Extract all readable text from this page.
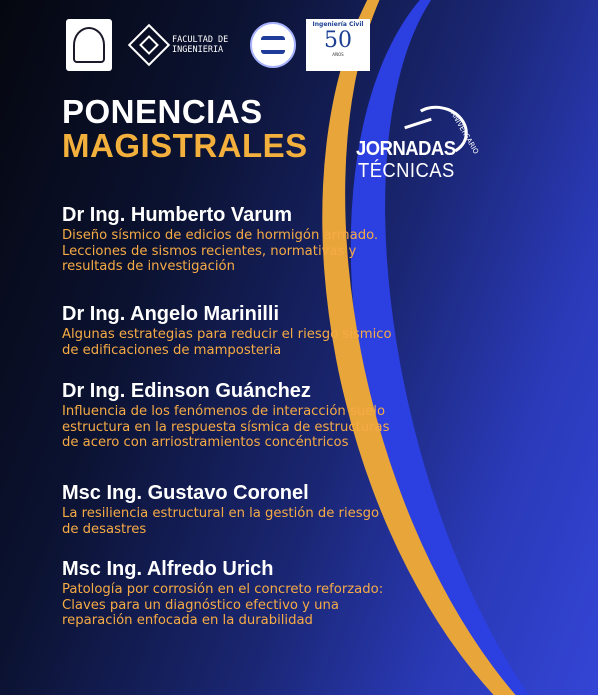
FACULTAD DE INGENIERIA
Ingeniería Civil
50
AÑOS
PONENCIAS
MAGISTRALES	ANIVERSARIO
JORNADAS
TÉCNICAS
Dr Ing. Humberto Varum
Diseño sísmico de edicios de hormigón armado.
Lecciones de sismos recientes, normativas y
resultads de investigación
Dr Ing. Angelo Marinilli
Algunas estrategias para reducir el riesgo sísmico
de edificaciones de mamposteria
Dr Ing. Edinson Guánchez
Influencia de los fenómenos de interacción suelo
estructura en la respuesta sísmica de estructuras
de acero con arriostramientos concéntricos
Msc Ing. Gustavo Coronel
La resiliencia estructural en la gestión de riesgo
de desastres
Msc Ing. Alfredo Urich
Patología por corrosión en el concreto reforzado:
Claves para un diagnóstico efectivo y una
reparación enfocada en la durabilidad
